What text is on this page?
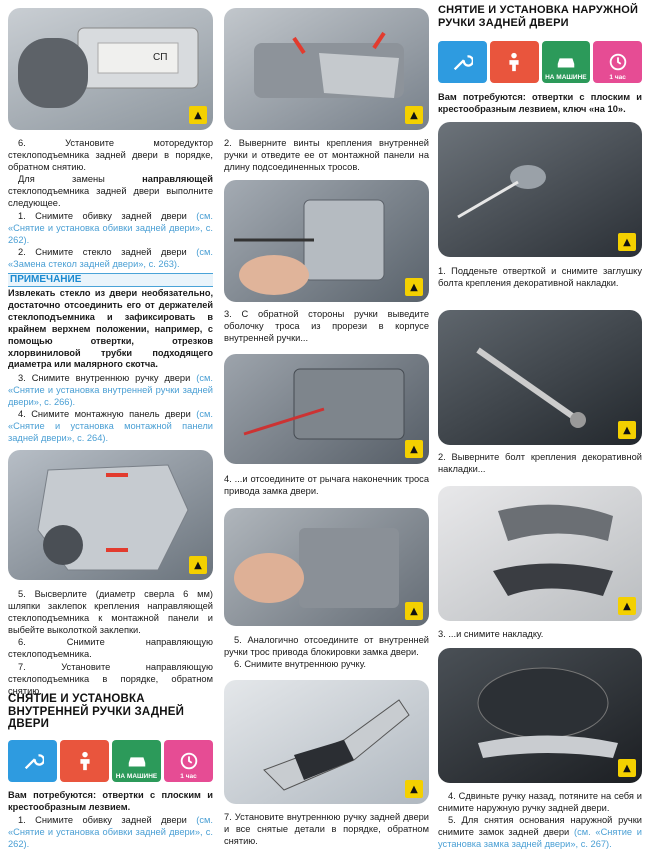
CП
▲

6. Установите моторедуктор стеклоподъемника задней двери в порядке, обратном снятию.

Для замены направляющей стеклоподъемника задней двери выполните следующее.

1. Снимите обивку задней двери (см. «Снятие и установка обивки задней двери», с. 262).

2. Снимите стекло задней двери (см. «Замена стекол задней двери», с. 263).

ПРИМЕЧАНИЕ
Извлекать стекло из двери необязательно, достаточно отсоединить его от держателей стеклоподъемника и зафиксировать в крайнем верхнем положении, например, с помощью отвертки, отрезков хлорвиниловой трубки подходящего диаметра или малярного скотча.

3. Снимите внутреннюю ручку двери (см. «Снятие и установка внутренней ручки задней двери», с. 266).

4. Снимите монтажную панель двери (см. «Снятие и установка монтажной панели задней двери», с. 264).

▲

5. Высверлите (диаметр сверла 6 мм) шляпки заклепок крепления направляющей стеклоподъемника к монтажной панели и выбейте выколоткой заклепки.

6. Снимите направляющую стеклоподъемника.

7. Установите направляющую стеклоподъемника в порядке, обратном снятию.

СНЯТИЕ И УСТАНОВКА ВНУТРЕННЕЙ РУЧКИ ЗАДНЕЙ ДВЕРИ
НА МАШИНЕ	1 час
Вам потребуются: отвертки с плоским и крестообразным лезвием.

1. Снимите обивку задней двери (см. «Снятие и установка обивки задней двери», с. 262).

▲
2. Выверните винты крепления внутренней ручки и отведите ее от монтажной панели на длину подсоединенных тросов.
▲
3. С обратной стороны ручки выведите оболочку троса из прорези в корпусе внутренней ручки...
▲
4. ...и отсоедините от рычага наконечник троса привода замка двери.
▲

5. Аналогично отсоедините от внутренней ручки трос привода блокировки замка двери.

6. Снимите внутреннюю ручку.

▲
7. Установите внутреннюю ручку задней двери и все снятые детали в порядке, обратном снятию.
СНЯТИЕ И УСТАНОВКА НАРУЖНОЙ РУЧКИ ЗАДНЕЙ ДВЕРИ
НА МАШИНЕ	1 час
Вам потребуются: отвертки с плоским и крестообразным лезвием, ключ «на 10».
▲
1. Подденьте отверткой и снимите заглушку болта крепления декоративной накладки.
▲
2. Выверните болт крепления декоративной накладки...
▲
3. ...и снимите накладку.
▲

4. Сдвиньте ручку назад, потяните на себя и снимите наружную ручку задней двери.

5. Для снятия основания наружной ручки снимите замок задней двери (см. «Снятие и установка замка задней двери», с. 267).
